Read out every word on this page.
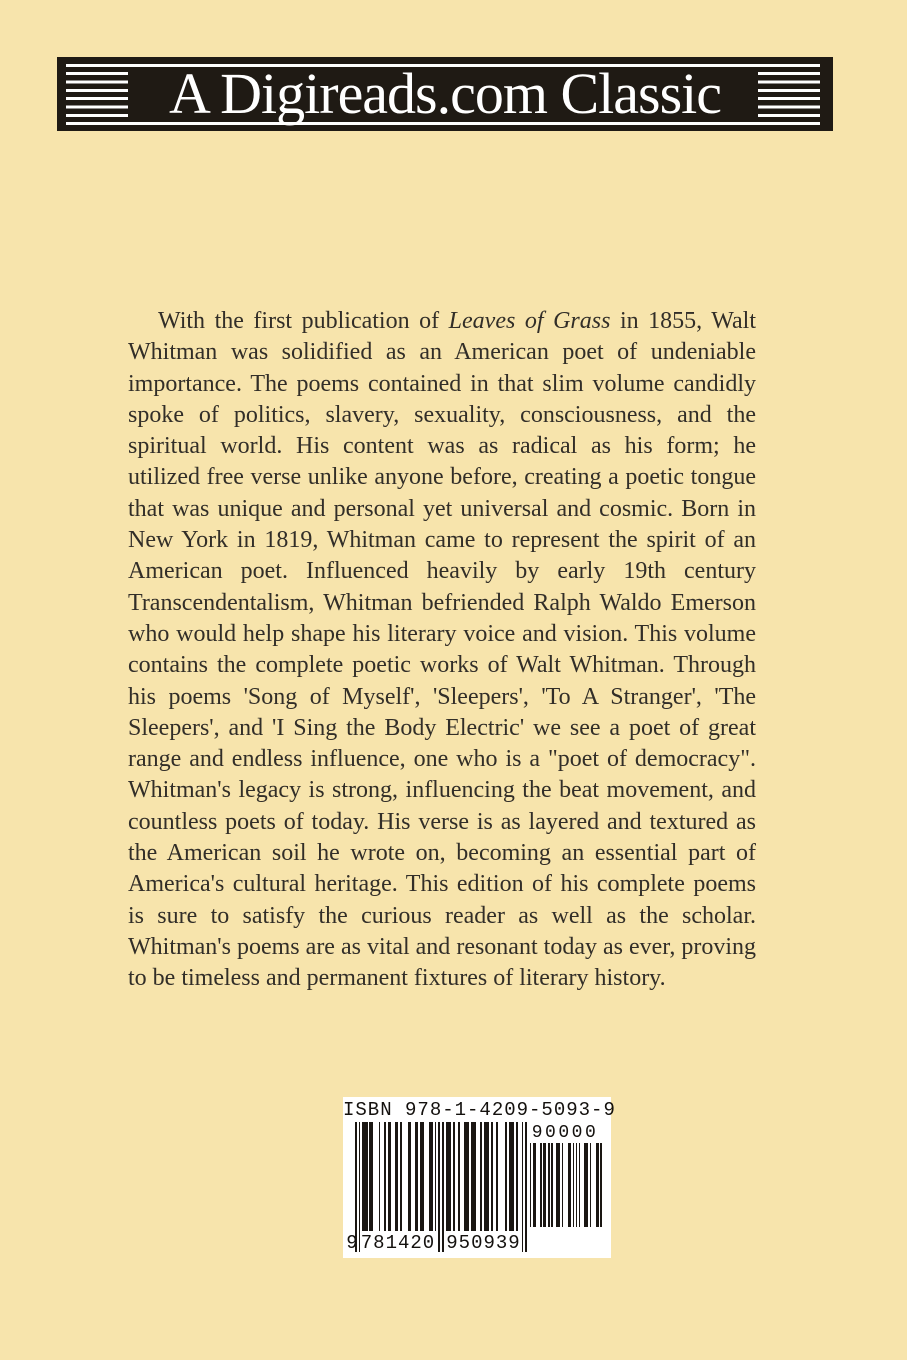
A Digireads.com Classic

With the first publication of Leaves of Grass in 1855, Walt Whitman was solidified as an American poet of undeniable importance. The poems contained in that slim volume candidly spoke of politics, slavery, sexuality, consciousness, and the spiritual world. His content was as radical as his form; he utilized free verse unlike anyone before, creating a poetic tongue that was unique and personal yet universal and cosmic. Born in New York in 1819, Whitman came to represent the spirit of an American poet. Influenced heavily by early 19th century Transcendentalism, Whitman befriended Ralph Waldo Emerson who would help shape his literary voice and vision. This volume contains the complete poetic works of Walt Whitman. Through his poems 'Song of Myself', 'Sleepers', 'To A Stranger', 'The Sleepers', and 'I Sing the Body Electric' we see a poet of great range and endless influence, one who is a "poet of democracy". Whitman's legacy is strong, influencing the beat movement, and countless poets of today. His verse is as layered and textured as the American soil he wrote on, becoming an essential part of America's cultural heritage. This edition of his complete poems is sure to satisfy the curious reader as well as the scholar. Whitman's poems are as vital and resonant today as ever, proving to be timeless and permanent fixtures of literary history.

ISBN 978-1-4209-5093-9
90000
9 781420 950939
